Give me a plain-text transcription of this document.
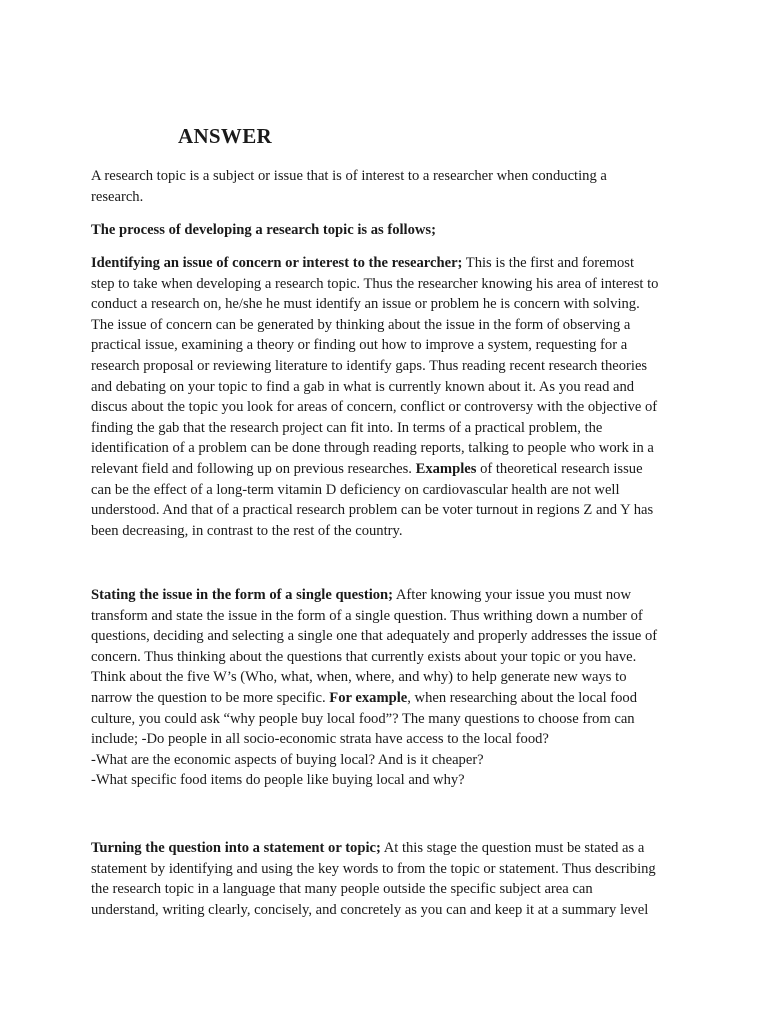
ANSWER

A research topic is a subject or issue that is of interest to a researcher when conducting a
research.

The process of developing a research topic is as follows;

Identifying an issue of concern or interest to the researcher; This is the first and foremost
step to take when developing a research topic. Thus the researcher knowing his area of interest to
conduct a research on, he/she he must identify an issue or problem he is concern with solving.
The issue of concern can be generated by thinking about the issue in the form of observing a
practical issue, examining a theory or finding out how to improve a system, requesting for a
research proposal or reviewing literature to identify gaps. Thus reading recent research theories
and debating on your topic to find a gab in what is currently known about it. As you read and
discus about the topic you look for areas of concern, conflict or controversy with the objective of
finding the gab that the research project can fit into. In terms of a practical problem, the
identification of a problem can be done through reading reports, talking to people who work in a
relevant field and following up on previous researches. Examples of theoretical research issue
can be the effect of a long-term vitamin D deficiency on cardiovascular health are not well
understood. And that of a practical research problem can be voter turnout in regions Z and Y has
been decreasing, in contrast to the rest of the country.

Stating the issue in the form of a single question; After knowing your issue you must now
transform and state the issue in the form of a single question. Thus writhing down a number of
questions, deciding and selecting a single one that adequately and properly addresses the issue of
concern. Thus thinking about the questions that currently exists about your topic or you have.
Think about the five W’s (Who, what, when, where, and why) to help generate new ways to
narrow the question to be more specific. For example, when researching about the local food
culture, you could ask “why people buy local food”? The many questions to choose from can
include; -Do people in all socio-economic strata have access to the local food?
-What are the economic aspects of buying local? And is it cheaper?
-What specific food items do people like buying local and why?

Turning the question into a statement or topic; At this stage the question must be stated as a
statement by identifying and using the key words to from the topic or statement. Thus describing
the research topic in a language that many people outside the specific subject area can
understand, writing clearly, concisely, and concretely as you can and keep it at a summary level
